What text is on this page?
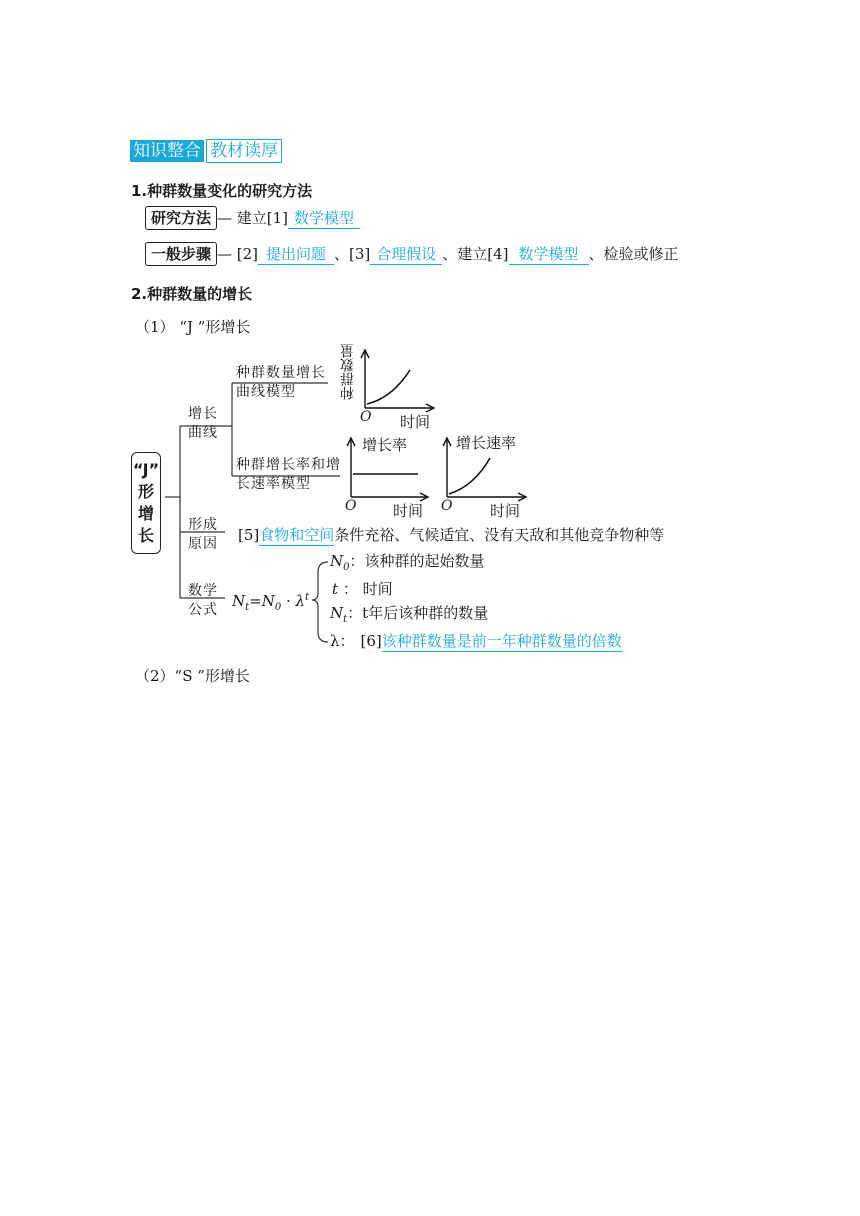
知识整合 教材读厚
1.种群数量变化的研究方法
研究方法 — 建立[1] 数学模型
一般步骤 — [2] 提出问题 、[3] 合理假设 、建立[4] 数学模型 、检验或修正
2.种群数量的增长
（1） “J ”形增长
“J”
形
增
长
增长曲线
形成原因
数学公式
种群数量增长曲线模型
种群增长率和增长速率模型
种群数量
O 时间
增长率
O 时间
增长速率
O	时间
[5]食物和空间条件充裕、气候适宜、没有天敌和其他竞争物种等
$N_t=N_0 \cdot \lambda^t$
$N_0$：该种群的起始数量
t ： 时间
$N_t$：t年后该种群的数量
λ： [6]该种群数量是前一年种群数量的倍数
（2）“S ”形增长
